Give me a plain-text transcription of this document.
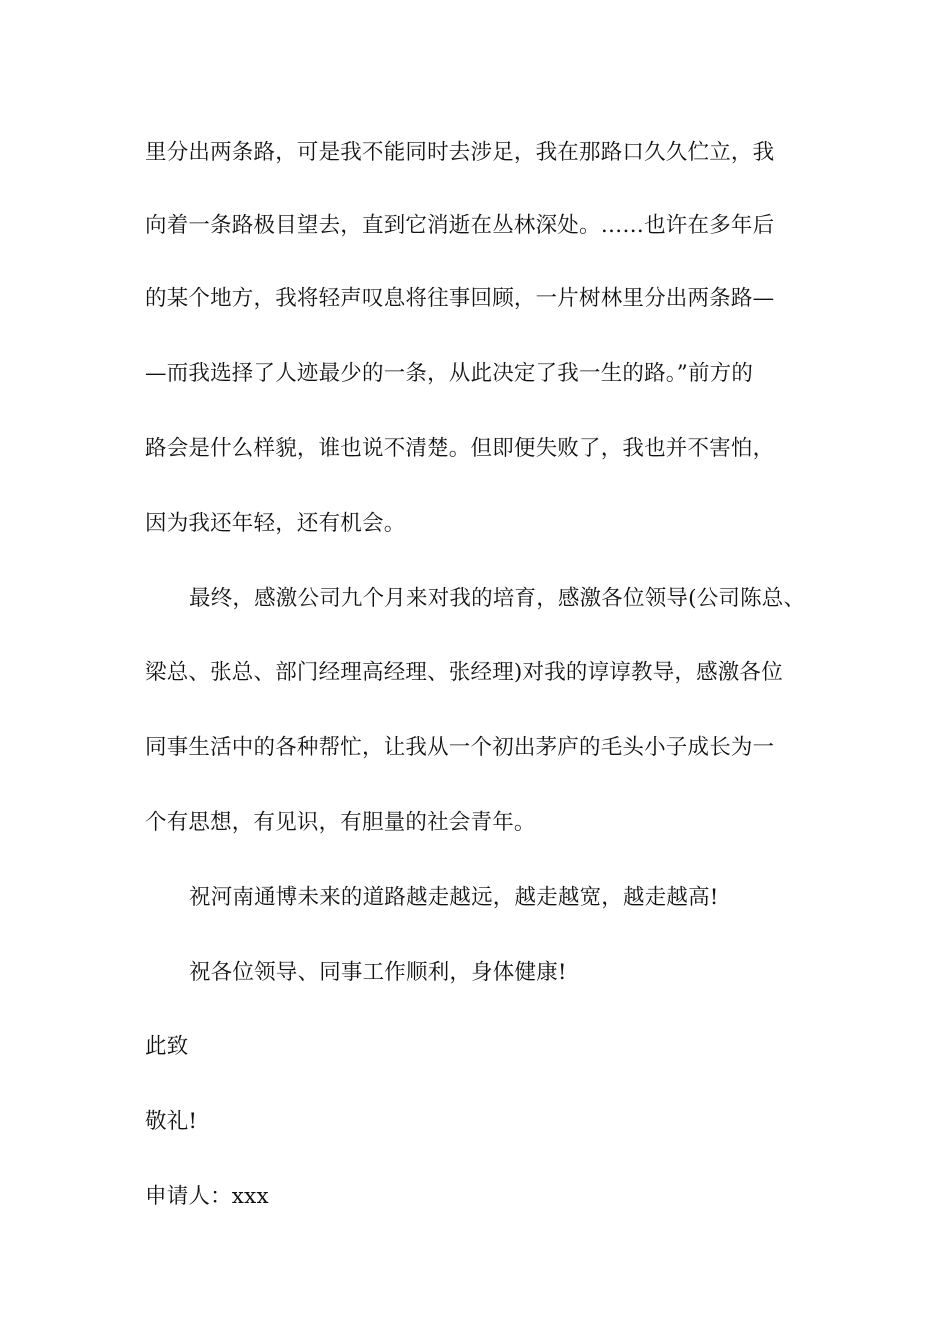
里分出两条路，可是我不能同时去涉足，我在那路口久久伫立，我
向着一条路极目望去，直到它消逝在丛林深处。……也许在多年后
的某个地方，我将轻声叹息将往事回顾，一片树林里分出两条路—
—而我选择了人迹最少的一条，从此决定了我一生的路。”前方的
路会是什么样貌，谁也说不清楚。但即便失败了，我也并不害怕，
因为我还年轻，还有机会。
最终，感激公司九个月来对我的培育，感激各位领导(公司陈总、
梁总、张总、部门经理高经理、张经理)对我的谆谆教导，感激各位
同事生活中的各种帮忙，让我从一个初出茅庐的毛头小子成长为一
个有思想，有见识，有胆量的社会青年。
祝河南通博未来的道路越走越远，越走越宽，越走越高!
祝各位领导、同事工作顺利，身体健康!
此致
敬礼!
申请人：xxx
